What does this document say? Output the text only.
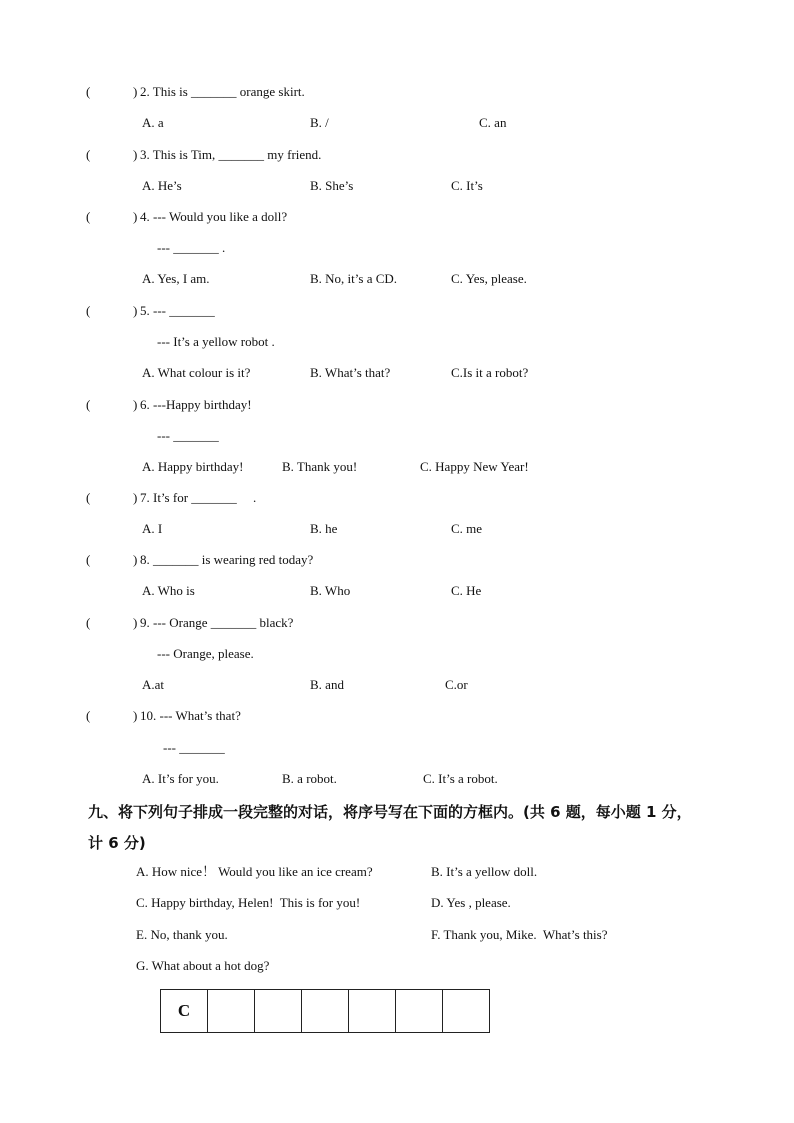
(	) 2. This is _______ orange skirt.
A. a	B. /	C. an
(	) 3. This is Tim, _______ my friend.
A. He’s	B. She’s	C. It’s
(	) 4. --- Would you like a doll?
--- _______ .
A. Yes, I am.	B. No, it’s a CD.	C. Yes, please.
(	) 5. --- _______
--- It’s a yellow robot .
A. What colour is it?	B. What’s that?	C.Is it a robot?
(	) 6. ---Happy birthday!
--- _______
A. Happy birthday!	B. Thank you!	C. Happy New Year!
(	) 7. It’s for _______     .
A. I	B. he	C. me
(	) 8. _______ is wearing red today?
A. Who is	B. Who	C. He
(	) 9. --- Orange _______ black?
--- Orange, please.
A.at	B. and	C.or
(	) 10. --- What’s that?
--- _______
A. It’s for you.	B. a robot.	C. It’s a robot.
九、将下列句子排成一段完整的对话，将序号写在下面的方框内。(共 6 题，每小题 1 分，
计 6 分)
A. How nice！ Would you like an ice cream?	B. It’s a yellow doll.
C. Happy birthday, Helen!  This is for you!	D. Yes , please.
E. No, thank you.	F. Thank you, Mike.  What’s this?
G. What about a hot dog?
C						
